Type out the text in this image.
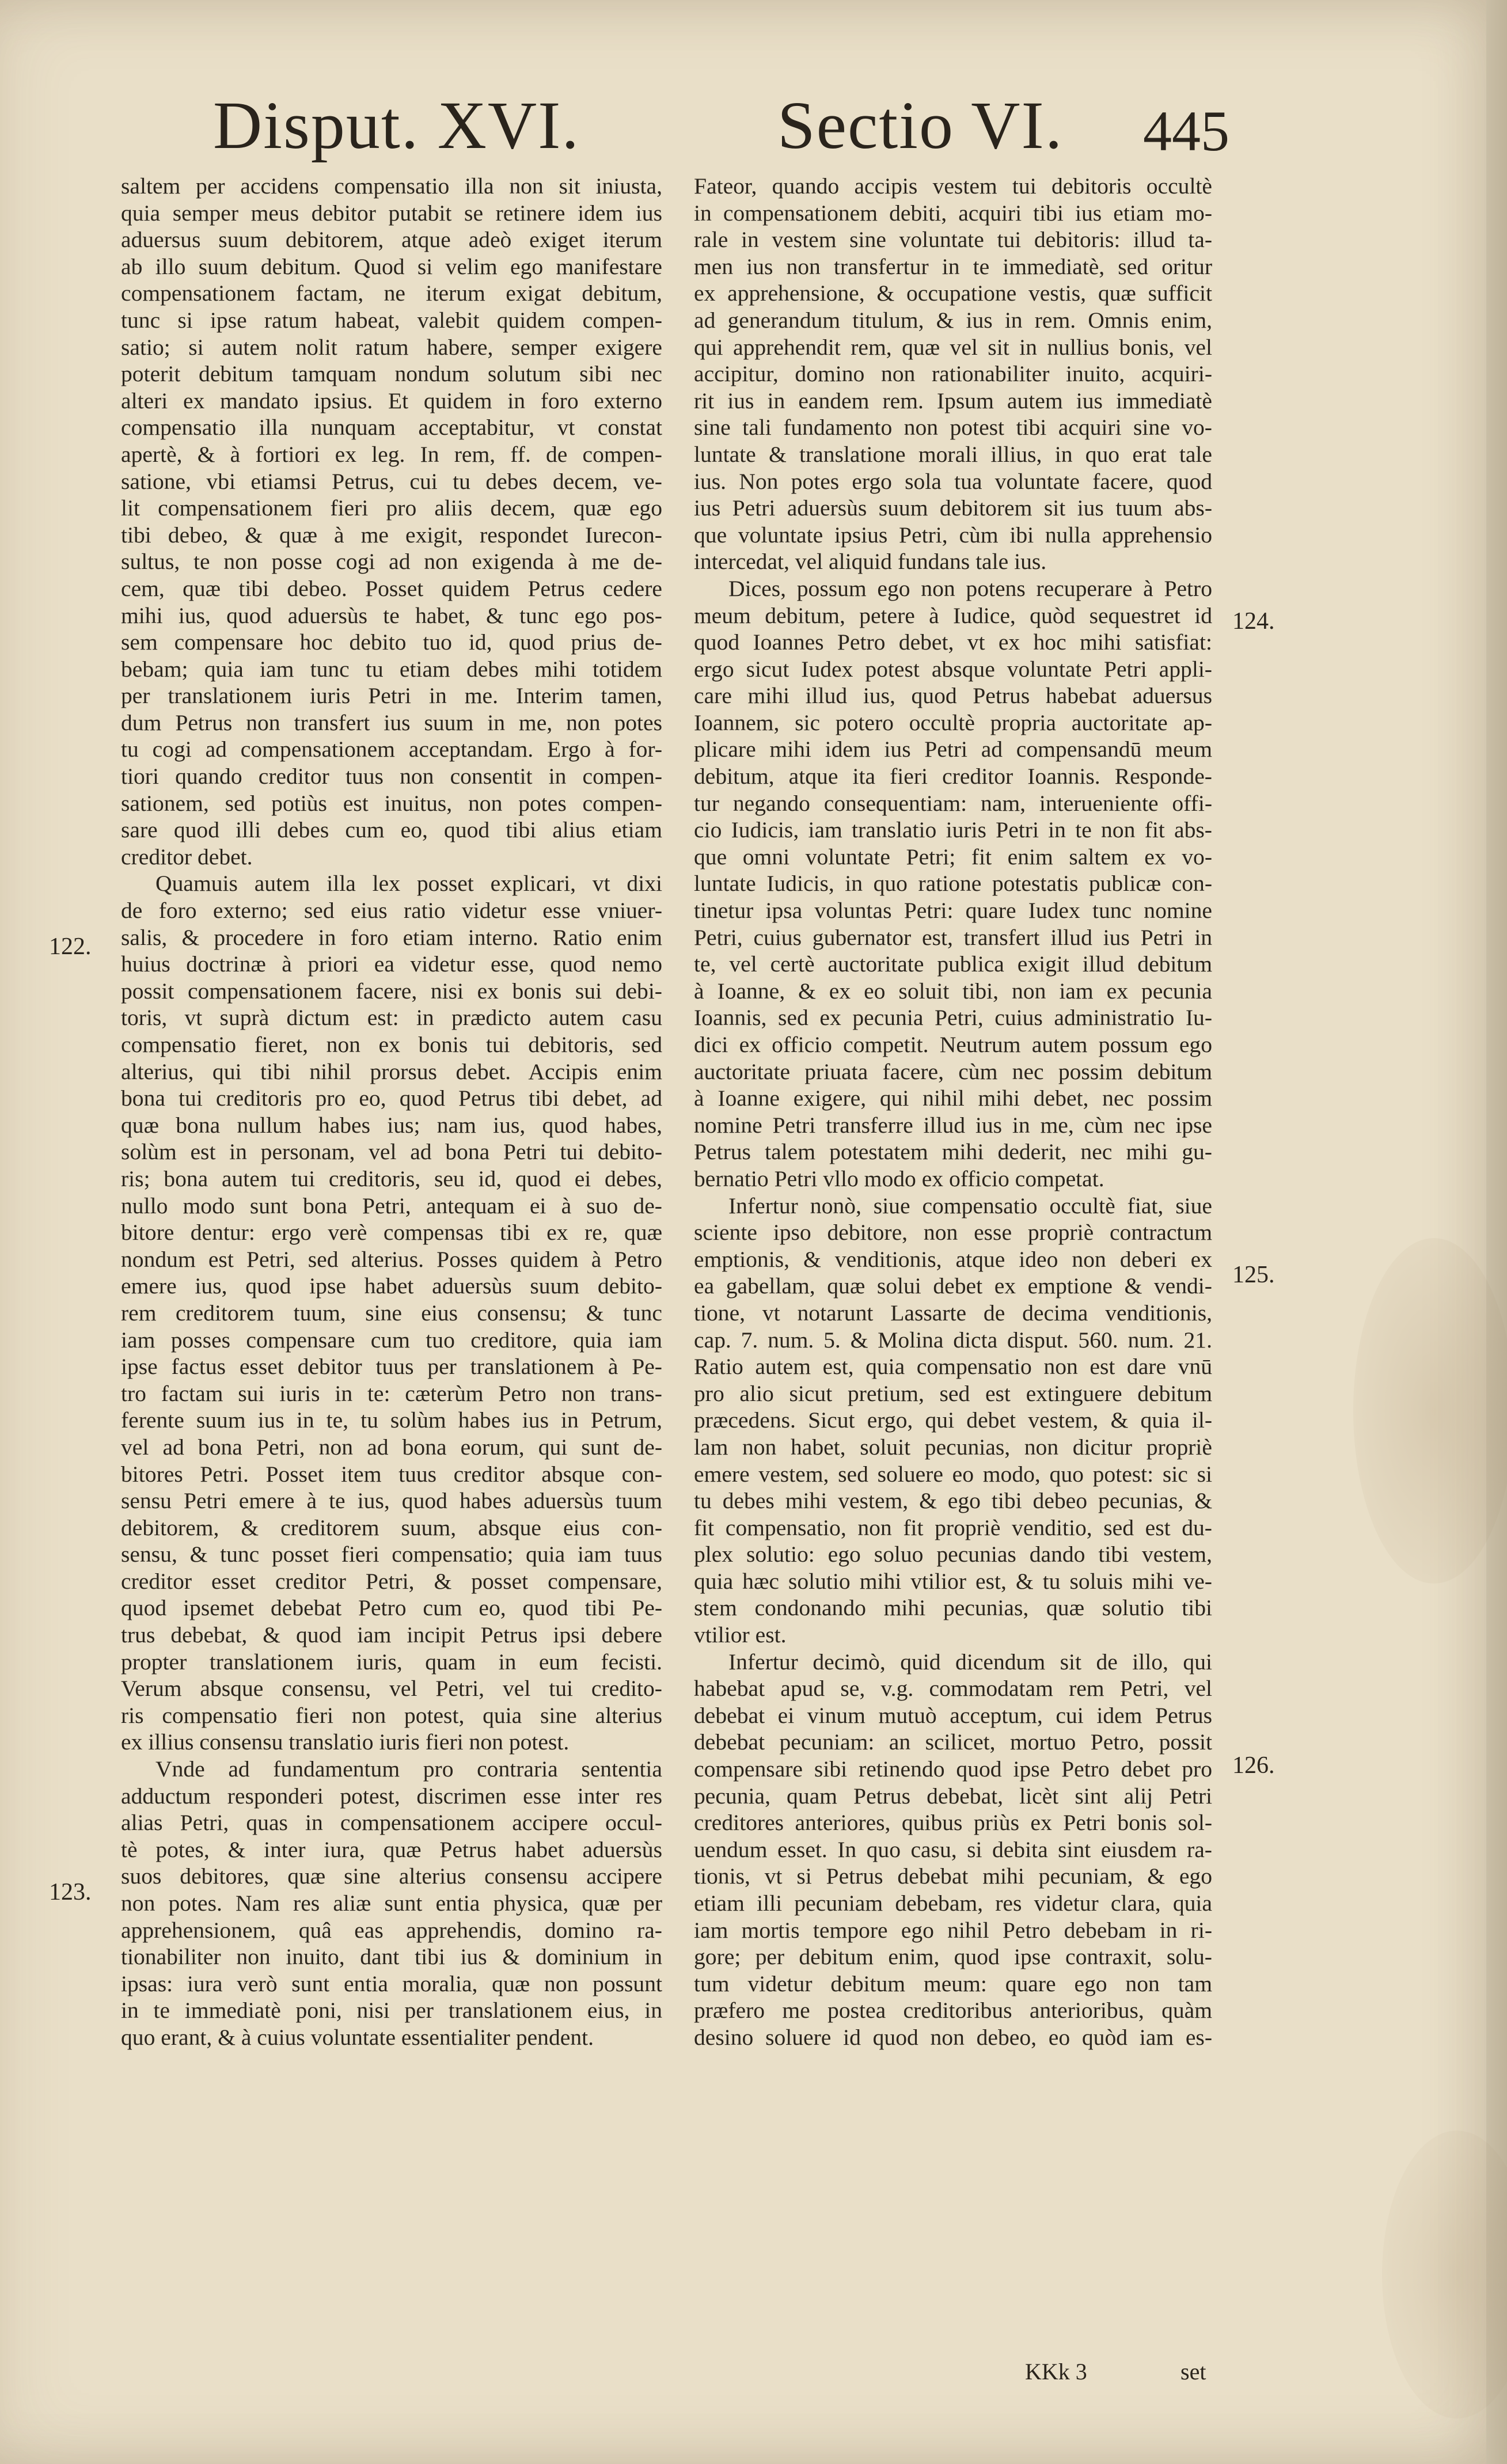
Disput. XVI.	Sectio VI. 445
saltem per accidens compensatio illa non sit iniusta,
quia semper meus debitor putabit se retinere idem ius
aduersus suum debitorem, atque adeò exiget iterum
ab illo suum debitum. Quod si velim ego manifestare
compensationem factam, ne iterum exigat debitum,
tunc si ipse ratum habeat, valebit quidem compen-
satio; si autem nolit ratum habere, semper exigere
poterit debitum tamquam nondum solutum sibi nec
alteri ex mandato ipsius. Et quidem in foro externo
compensatio illa nunquam acceptabitur, vt constat
apertè, & à fortiori ex leg. In rem, ff. de compen-
satione, vbi etiamsi Petrus, cui tu debes decem, ve-
lit compensationem fieri pro aliis decem, quæ ego
tibi debeo, & quæ à me exigit, respondet Iurecon-
sultus, te non posse cogi ad non exigenda à me de-
cem, quæ tibi debeo. Posset quidem Petrus cedere
mihi ius, quod aduersùs te habet, & tunc ego pos-
sem compensare hoc debito tuo id, quod prius de-
bebam; quia iam tunc tu etiam debes mihi totidem
per translationem iuris Petri in me. Interim tamen,
dum Petrus non transfert ius suum in me, non potes
tu cogi ad compensationem acceptandam. Ergo à for-
tiori quando creditor tuus non consentit in compen-
sationem, sed potiùs est inuitus, non potes compen-
sare quod illi debes cum eo, quod tibi alius etiam
creditor debet.
Quamuis autem illa lex posset explicari, vt dixi
de foro externo; sed eius ratio videtur esse vniuer-
salis, & procedere in foro etiam interno. Ratio enim
huius doctrinæ à priori ea videtur esse, quod nemo
possit compensationem facere, nisi ex bonis sui debi-
toris, vt suprà dictum est: in prædicto autem casu
compensatio fieret, non ex bonis tui debitoris, sed
alterius, qui tibi nihil prorsus debet. Accipis enim
bona tui creditoris pro eo, quod Petrus tibi debet, ad
quæ bona nullum habes ius; nam ius, quod habes,
solùm est in personam, vel ad bona Petri tui debito-
ris; bona autem tui creditoris, seu id, quod ei debes,
nullo modo sunt bona Petri, antequam ei à suo de-
bitore dentur: ergo verè compensas tibi ex re, quæ
nondum est Petri, sed alterius. Posses quidem à Petro
emere ius, quod ipse habet aduersùs suum debito-
rem creditorem tuum, sine eius consensu; & tunc
iam posses compensare cum tuo creditore, quia iam
ipse factus esset debitor tuus per translationem à Pe-
tro factam sui iuris in te: cæterùm Petro non trans-
ferente suum ius in te, tu solùm habes ius in Petrum,
vel ad bona Petri, non ad bona eorum, qui sunt de-
bitores Petri. Posset item tuus creditor absque con-
sensu Petri emere à te ius, quod habes aduersùs tuum
debitorem, & creditorem suum, absque eius con-
sensu, & tunc posset fieri compensatio; quia iam tuus
creditor esset creditor Petri, & posset compensare,
quod ipsemet debebat Petro cum eo, quod tibi Pe-
trus debebat, & quod iam incipit Petrus ipsi debere
propter translationem iuris, quam in eum fecisti.
Verum absque consensu, vel Petri, vel tui credito-
ris compensatio fieri non potest, quia sine alterius
ex illius consensu translatio iuris fieri non potest.
Vnde ad fundamentum pro contraria sententia
adductum responderi potest, discrimen esse inter res
alias Petri, quas in compensationem accipere occul-
tè potes, & inter iura, quæ Petrus habet aduersùs
suos debitores, quæ sine alterius consensu accipere
non potes. Nam res aliæ sunt entia physica, quæ per
apprehensionem, quâ eas apprehendis, domino ra-
tionabiliter non inuito, dant tibi ius & dominium in
ipsas: iura verò sunt entia moralia, quæ non possunt
in te immediatè poni, nisi per translationem eius, in
quo erant, & à cuius voluntate essentialiter pendent.
Fateor, quando accipis vestem tui debitoris occultè
in compensationem debiti, acquiri tibi ius etiam mo-
rale in vestem sine voluntate tui debitoris: illud ta-
men ius non transfertur in te immediatè, sed oritur
ex apprehensione, & occupatione vestis, quæ sufficit
ad generandum titulum, & ius in rem. Omnis enim,
qui apprehendit rem, quæ vel sit in nullius bonis, vel
accipitur, domino non rationabiliter inuito, acquiri-
rit ius in eandem rem. Ipsum autem ius immediatè
sine tali fundamento non potest tibi acquiri sine vo-
luntate & translatione morali illius, in quo erat tale
ius. Non potes ergo sola tua voluntate facere, quod
ius Petri aduersùs suum debitorem sit ius tuum abs-
que voluntate ipsius Petri, cùm ibi nulla apprehensio
intercedat, vel aliquid fundans tale ius.
Dices, possum ego non potens recuperare à Petro
meum debitum, petere à Iudice, quòd sequestret id
quod Ioannes Petro debet, vt ex hoc mihi satisfiat:
ergo sicut Iudex potest absque voluntate Petri appli-
care mihi illud ius, quod Petrus habebat aduersus
Ioannem, sic potero occultè propria auctoritate ap-
plicare mihi idem ius Petri ad compensandū meum
debitum, atque ita fieri creditor Ioannis. Responde-
tur negando consequentiam: nam, interueniente offi-
cio Iudicis, iam translatio iuris Petri in te non fit abs-
que omni voluntate Petri; fit enim saltem ex vo-
luntate Iudicis, in quo ratione potestatis publicæ con-
tinetur ipsa voluntas Petri: quare Iudex tunc nomine
Petri, cuius gubernator est, transfert illud ius Petri in
te, vel certè auctoritate publica exigit illud debitum
à Ioanne, & ex eo soluit tibi, non iam ex pecunia
Ioannis, sed ex pecunia Petri, cuius administratio Iu-
dici ex officio competit. Neutrum autem possum ego
auctoritate priuata facere, cùm nec possim debitum
à Ioanne exigere, qui nihil mihi debet, nec possim
nomine Petri transferre illud ius in me, cùm nec ipse
Petrus talem potestatem mihi dederit, nec mihi gu-
bernatio Petri vllo modo ex officio competat.
Infertur nonò, siue compensatio occultè fiat, siue
sciente ipso debitore, non esse propriè contractum
emptionis, & venditionis, atque ideo non deberi ex
ea gabellam, quæ solui debet ex emptione & vendi-
tione, vt notarunt Lassarte de decima venditionis,
cap. 7. num. 5. & Molina dicta disput. 560. num. 21.
Ratio autem est, quia compensatio non est dare vnū
pro alio sicut pretium, sed est extinguere debitum
præcedens. Sicut ergo, qui debet vestem, & quia il-
lam non habet, soluit pecunias, non dicitur propriè
emere vestem, sed soluere eo modo, quo potest: sic si
tu debes mihi vestem, & ego tibi debeo pecunias, &
fit compensatio, non fit propriè venditio, sed est du-
plex solutio: ego soluo pecunias dando tibi vestem,
quia hæc solutio mihi vtilior est, & tu soluis mihi ve-
stem condonando mihi pecunias, quæ solutio tibi
vtilior est.
Infertur decimò, quid dicendum sit de illo, qui
habebat apud se, v.g. commodatam rem Petri, vel
debebat ei vinum mutuò acceptum, cui idem Petrus
debebat pecuniam: an scilicet, mortuo Petro, possit
compensare sibi retinendo quod ipse Petro debet pro
pecunia, quam Petrus debebat, licèt sint alij Petri
creditores anteriores, quibus priùs ex Petri bonis sol-
uendum esset. In quo casu, si debita sint eiusdem ra-
tionis, vt si Petrus debebat mihi pecuniam, & ego
etiam illi pecuniam debebam, res videtur clara, quia
iam mortis tempore ego nihil Petro debebam in ri-
gore; per debitum enim, quod ipse contraxit, solu-
tum videtur debitum meum: quare ego non tam
præfero me postea creditoribus anterioribus, quàm
desino soluere id quod non debeo, eo quòd iam es-
122.
123.
124.
125.
126.
KKk 3	set
